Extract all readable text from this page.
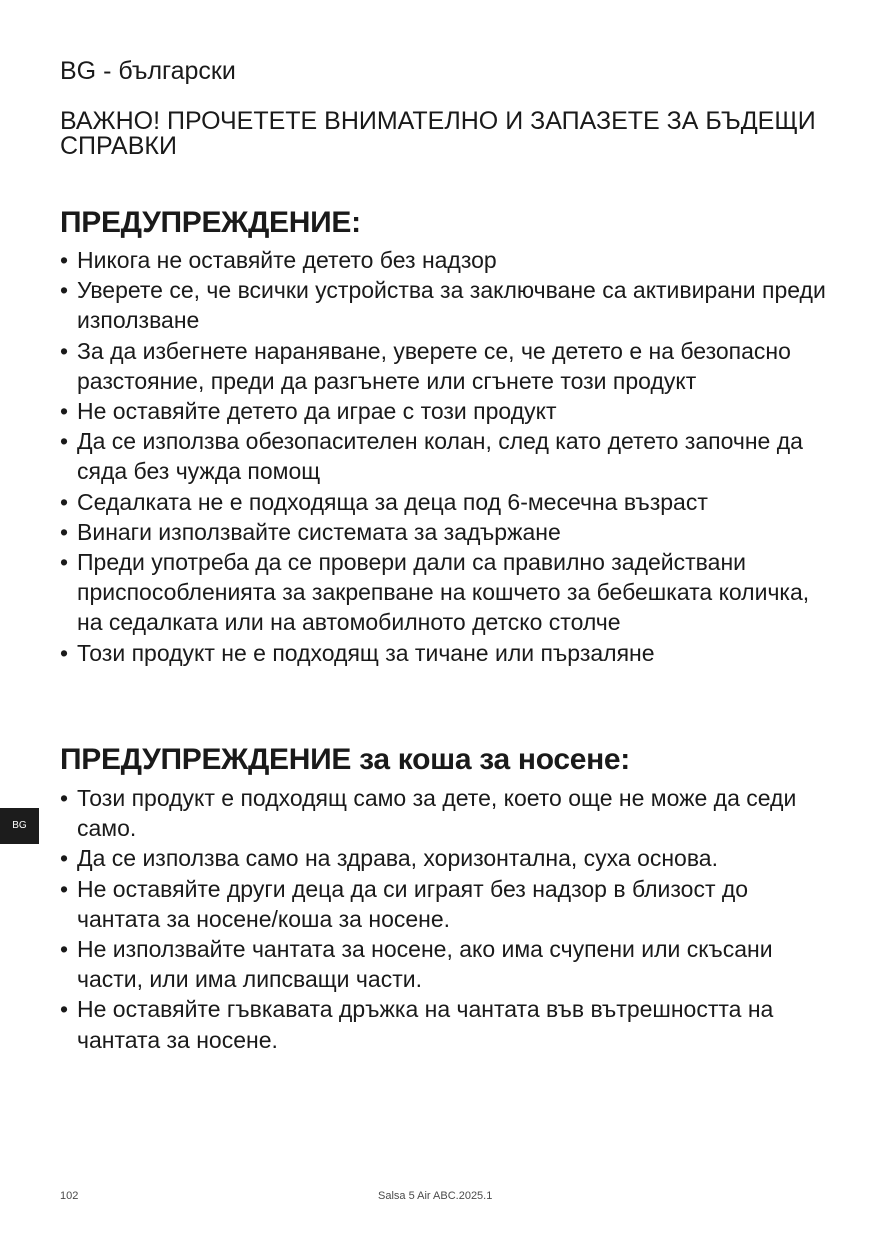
BG - български
ВАЖНО! ПРОЧЕТЕТЕ ВНИМАТЕЛНО И ЗАПАЗЕТЕ ЗА БЪДЕЩИ СПРАВКИ
ПРЕДУПРЕЖДЕНИЕ:
• Никога не оставяйте детето без надзор
• Уверете се, че всички устройства за заключване са активирани преди използване
• За да избегнете нараняване, уверете се, че детето е на безопасно разстояние, преди да разгънете или сгънете този продукт
• Не оставяйте детето да играе с този продукт
• Да се използва обезопасителен колан, след като детето започне да сяда без чужда помощ
• Седалката не е подходяща за деца под 6-месечна възраст
• Винаги използвайте системата за задържане
• Преди употреба да се провери дали са правилно задействани приспособленията за закрепване на кошчето за бебешката количка, на седалката или на автомобилното детско столче
• Този продукт не е подходящ за тичане или пързаляне
ПРЕДУПРЕЖДЕНИЕ за коша за носене:
• Този продукт е подходящ само за дете, което още не може да седи само.
• Да се използва само на здрава, хоризонтална, суха основа.
• Не оставяйте други деца да си играят без надзор в близост до чантата за носене/коша за носене.
• Не използвайте чантата за носене, ако има счупени или скъсани части, или има липсващи части.
• Не оставяйте гъвкавата дръжка на чантата във вътрешността на чантата за носене.
BG
102	Salsa 5 Air ABC.2025.1
